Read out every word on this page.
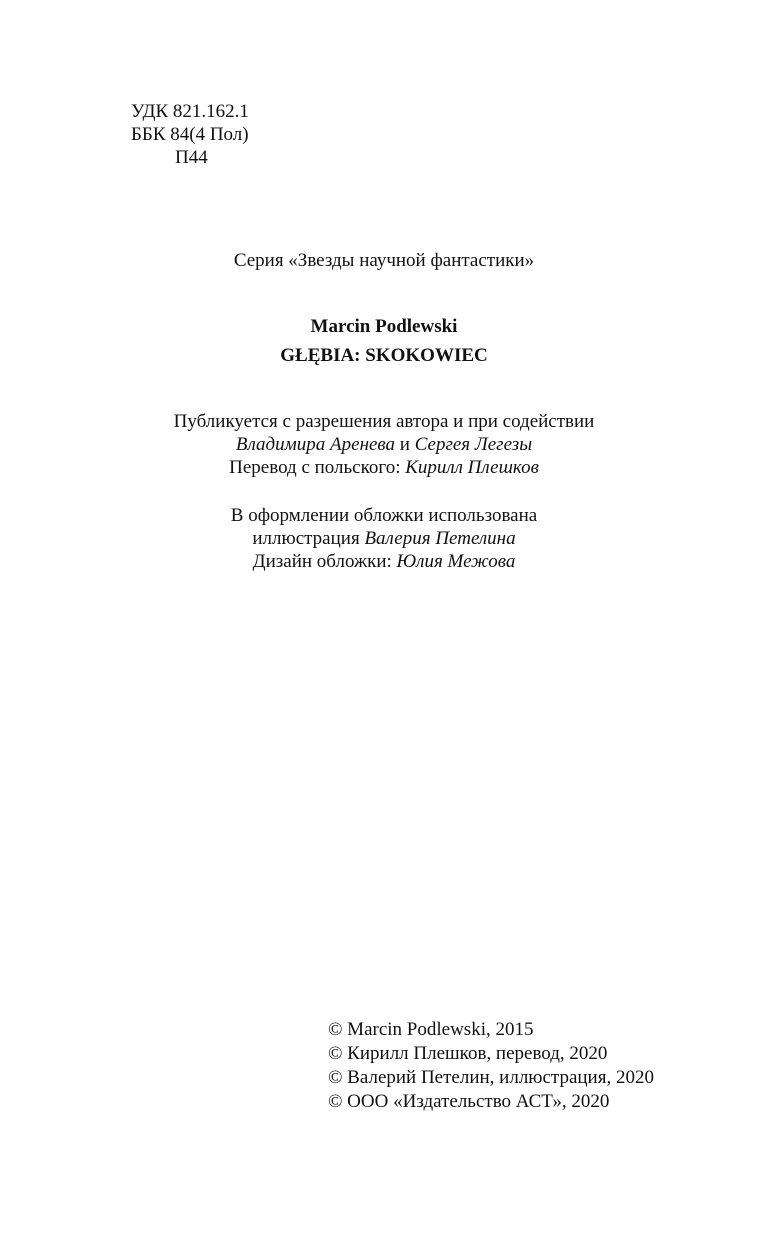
УДК 821.162.1
ББК 84(4 Пол)
П44
Серия «Звезды научной фантастики»
Marcin Podlewski
GŁĘBIA: SKOKOWIEC
Публикуется с разрешения автора и при содействии
Владимира Аренева и Сергея Легезы
Перевод с польского: Кирилл Плешков
В оформлении обложки использована
иллюстрация Валерия Петелина
Дизайн обложки: Юлия Межова
© Marcin Podlewski, 2015
© Кирилл Плешков, перевод, 2020
© Валерий Петелин, иллюстрация, 2020
© ООО «Издательство АСТ», 2020
